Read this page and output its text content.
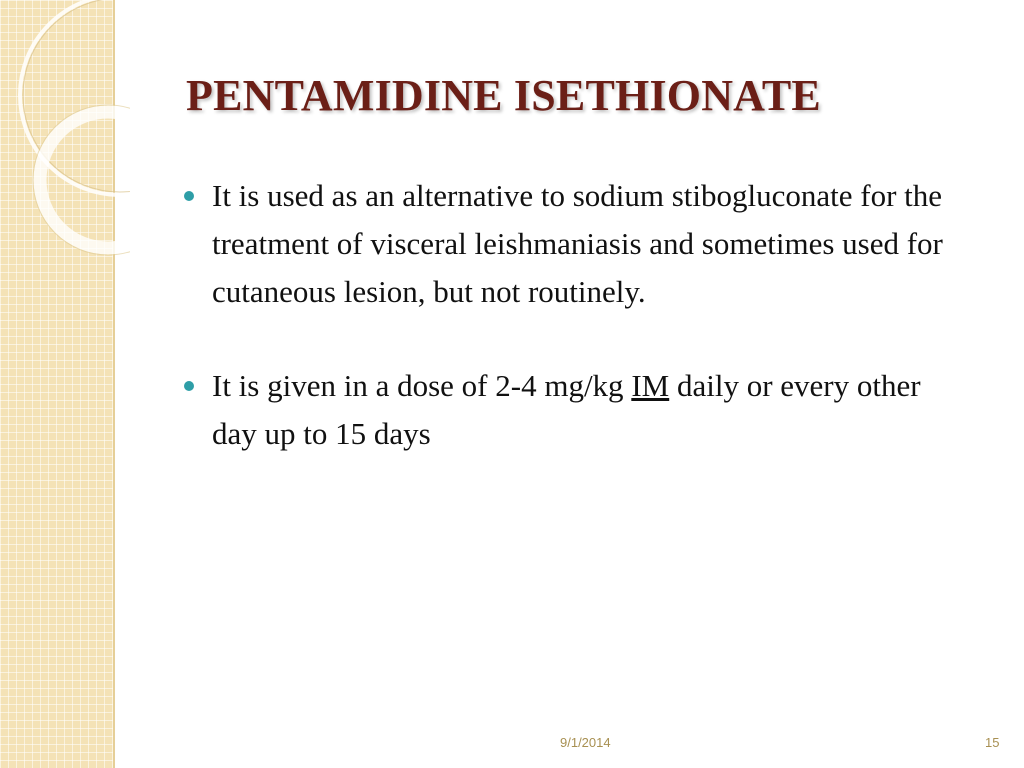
PENTAMIDINE ISETHIONATE
It is used as an alternative to sodium stibogluconate for the treatment of visceral leishmaniasis and sometimes used for cutaneous lesion, but not routinely.
It is given in a dose of 2-4 mg/kg IM daily or every other day up to 15 days
9/1/2014	15
